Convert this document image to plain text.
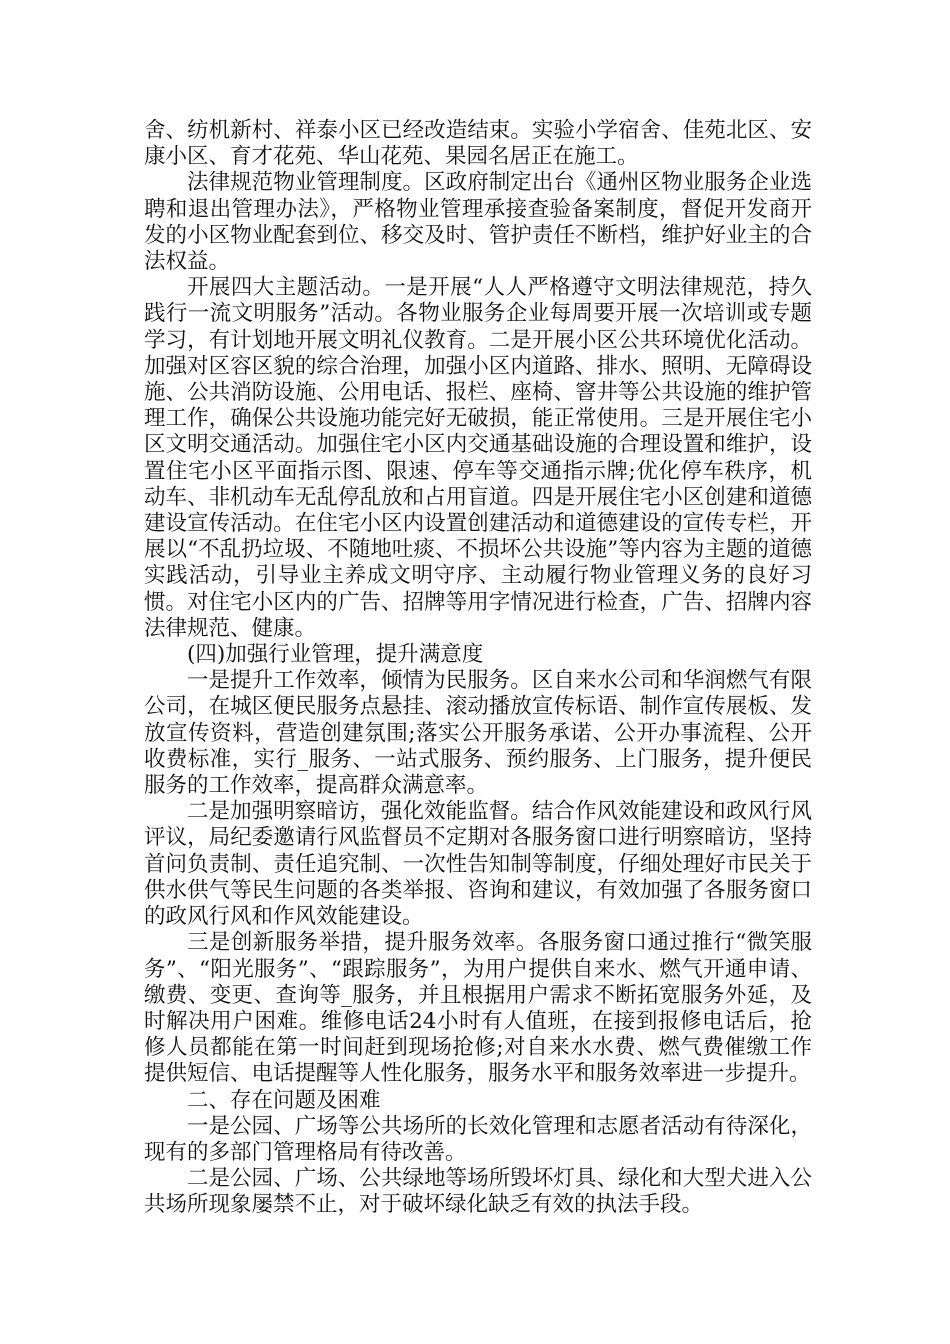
舍、纺机新村、祥泰小区已经改造结束。实验小学宿舍、佳苑北区、安康小区、育才花苑、华山花苑、果园名居正在施工。

法律规范物业管理制度。区政府制定出台《通州区物业服务企业选聘和退出管理办法》，严格物业管理承接查验备案制度，督促开发商开发的小区物业配套到位、移交及时、管护责任不断档，维护好业主的合法权益。

开展四大主题活动。一是开展“人人严格遵守文明法律规范，持久践行一流文明服务”活动。各物业服务企业每周要开展一次培训或专题学习，有计划地开展文明礼仪教育。二是开展小区公共环境优化活动。加强对区容区貌的综合治理，加强小区内道路、排水、照明、无障碍设施、公共消防设施、公用电话、报栏、座椅、窨井等公共设施的维护管理工作，确保公共设施功能完好无破损，能正常使用。三是开展住宅小区文明交通活动。加强住宅小区内交通基础设施的合理设置和维护，设置住宅小区平面指示图、限速、停车等交通指示牌;优化停车秩序，机动车、非机动车无乱停乱放和占用盲道。四是开展住宅小区创建和道德建设宣传活动。在住宅小区内设置创建活动和道德建设的宣传专栏，开展以“不乱扔垃圾、不随地吐痰、不损坏公共设施”等内容为主题的道德实践活动，引导业主养成文明守序、主动履行物业管理义务的良好习惯。对住宅小区内的广告、招牌等用字情况进行检查，广告、招牌内容法律规范、健康。

(四)加强行业管理，提升满意度

一是提升工作效率，倾情为民服务。区自来水公司和华润燃气有限公司，在城区便民服务点悬挂、滚动播放宣传标语、制作宣传展板、发放宣传资料，营造创建氛围;落实公开服务承诺、公开办事流程、公开收费标准，实行_服务、一站式服务、预约服务、上门服务，提升便民服务的工作效率，提高群众满意率。

二是加强明察暗访，强化效能监督。结合作风效能建设和政风行风评议，局纪委邀请行风监督员不定期对各服务窗口进行明察暗访，坚持首问负责制、责任追究制、一次性告知制等制度，仔细处理好市民关于供水供气等民生问题的各类举报、咨询和建议，有效加强了各服务窗口的政风行风和作风效能建设。

三是创新服务举措，提升服务效率。各服务窗口通过推行“微笑服务”、“阳光服务”、“跟踪服务”，为用户提供自来水、燃气开通申请、缴费、变更、查询等_服务，并且根据用户需求不断拓宽服务外延，及时解决用户困难。维修电话24小时有人值班，在接到报修电话后，抢修人员都能在第一时间赶到现场抢修;对自来水水费、燃气费催缴工作提供短信、电话提醒等人性化服务，服务水平和服务效率进一步提升。

二、存在问题及困难

一是公园、广场等公共场所的长效化管理和志愿者活动有待深化，现有的多部门管理格局有待改善。

二是公园、广场、公共绿地等场所毁坏灯具、绿化和大型犬进入公共场所现象屡禁不止，对于破坏绿化缺乏有效的执法手段。
